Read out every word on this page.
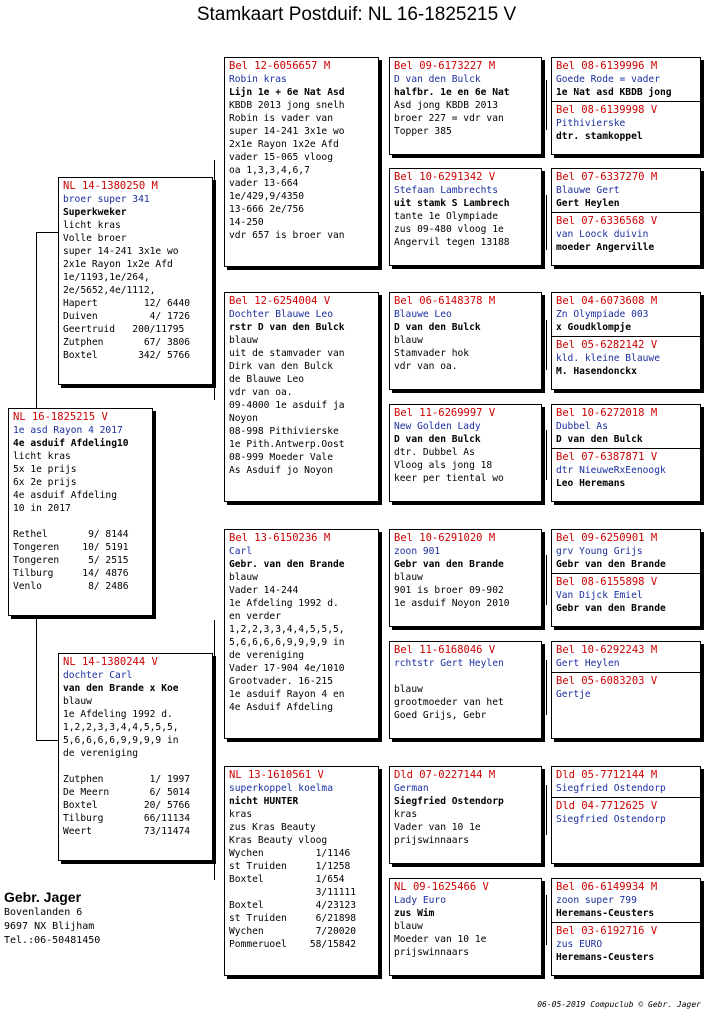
Stamkaart Postduif: NL 16-1825215 V
NL 16-1825215 V
1e asd Rayon 4 2017
4e asduif Afdeling10
licht kras
5x 1e prijs
6x 2e prijs
4e asduif Afdeling
10 in 2017

Rethel       9/ 8144
Tongeren    10/ 5191
Tongeren     5/ 2515
Tilburg     14/ 4876
Venlo        8/ 2486
NL 14-1380250 M
broer super 341
Superkweker
licht kras
Volle broer
super 14-241 3x1e wo
2x1e Rayon 1x2e Afd
1e/1193,1e/264,
2e/5652,4e/1112,
Hapert        12/ 6440
Duiven         4/ 1726
Geertruid   200/11795
Zutphen       67/ 3806
Boxtel       342/ 5766
NL 14-1380244 V
dochter Carl
van den Brande x Koe
blauw
1e Afdeling 1992 d.
1,2,2,3,3,4,4,5,5,5,
5,6,6,6,6,9,9,9,9 in
de vereniging

Zutphen        1/ 1997
De Meern       6/ 5014
Boxtel        20/ 5766
Tilburg       66/11134
Weert         73/11474
Bel 12-6056657 M
Robin kras
Lijn 1e + 6e Nat Asd
KBDB 2013 jong snelh
Robin is vader van
super 14-241 3x1e wo
2x1e Rayon 1x2e Afd
vader 15-065 vloog
oa 1,3,3,4,6,7
vader 13-664
1e/429,9/4350
13-666 2e/756
14-250
vdr 657 is broer van
Bel 12-6254004 V
Dochter Blauwe Leo
rstr D van den Bulck
blauw
uit de stamvader van
Dirk van den Bulck
de Blauwe Leo
vdr van oa.
09-4000 1e asduif ja
Noyon
08-998 Pithivierske
1e Pith.Antwerp.Oost
08-999 Moeder Vale
As Asduif jo Noyon
Bel 13-6150236 M
Carl
Gebr. van den Brande
blauw
Vader 14-244
1e Afdeling 1992 d.
en verder
1,2,2,3,3,4,4,5,5,5,
5,6,6,6,6,9,9,9,9 in
de vereniging
Vader 17-904 4e/1010
Grootvader. 16-215
1e asduif Rayon 4 en
4e Asduif Afdeling
NL 13-1610561 V
superkoppel koelma
nicht HUNTER
kras
zus Kras Beauty
Kras Beauty vloog
Wychen         1/1146
st Truiden     1/1258
Boxtel         1/654
3/11111
Boxtel         4/23123
st Truiden     6/21898
Wychen         7/20020
Pommeruoel    58/15842
Bel 09-6173227 M
D van den Bulck
halfbr. 1e en 6e Nat
Asd jong KBDB 2013
broer 227 = vdr van
Topper 385
Bel 10-6291342 V
Stefaan Lambrechts
uit stamk S Lambrech
tante 1e Olympiade
zus 09-480 vloog 1e
Angervil tegen 13188
Bel 06-6148378 M
Blauwe Leo
D van den Bulck
blauw
Stamvader hok
vdr van oa.
Bel 11-6269997 V
New Golden Lady
D van den Bulck
dtr. Dubbel As
Vloog als jong 18
keer per tiental wo
Bel 10-6291020 M
zoon 901
Gebr van den Brande
blauw
901 is broer 09-902
1e asduif Noyon 2010
Bel 11-6168046 V
rchtstr Gert Heylen

blauw
grootmoeder van het
Goed Grijs, Gebr
Dld 07-0227144 M
German
Siegfried Ostendorp
kras
Vader van 10 1e
prijswinnaars
NL 09-1625466 V
Lady Euro
zus Wim
blauw
Moeder van 10 1e
prijswinnaars
Bel 08-6139996 M
Goede Rode = vader
1e Nat asd KBDB jong
Bel 08-6139998 V
Pithivierske
dtr. stamkoppel
Bel 07-6337270 M
Blauwe Gert
Gert Heylen
Bel 07-6336568 V
van Loock duivin
moeder Angerville
Bel 04-6073608 M
Zn Olympiade 003
x Goudklompje
Bel 05-6282142 V
kld. kleine Blauwe
M. Hasendonckx
Bel 10-6272018 M
Dubbel As
D van den Bulck
Bel 07-6387871 V
dtr NieuweRxEenoogk
Leo Heremans
Bel 09-6250901 M
grv Young Grijs
Gebr van den Brande
Bel 08-6155898 V
Van Dijck Emiel
Gebr van den Brande
Bel 10-6292243 M
Gert Heylen
Bel 05-6083203 V
Gertje
Dld 05-7712144 M
Siegfried Ostendorp
Dld 04-7712625 V
Siegfried Ostendorp
Bel 06-6149934 M
zoon super 799
Heremans-Ceusters
Bel 03-6192716 V
zus EURO
Heremans-Ceusters
Gebr. Jager
Bovenlanden 6
9697 NX Blijham
Tel.:06-50481450
06-05-2019 Compuclub © Gebr. Jager
